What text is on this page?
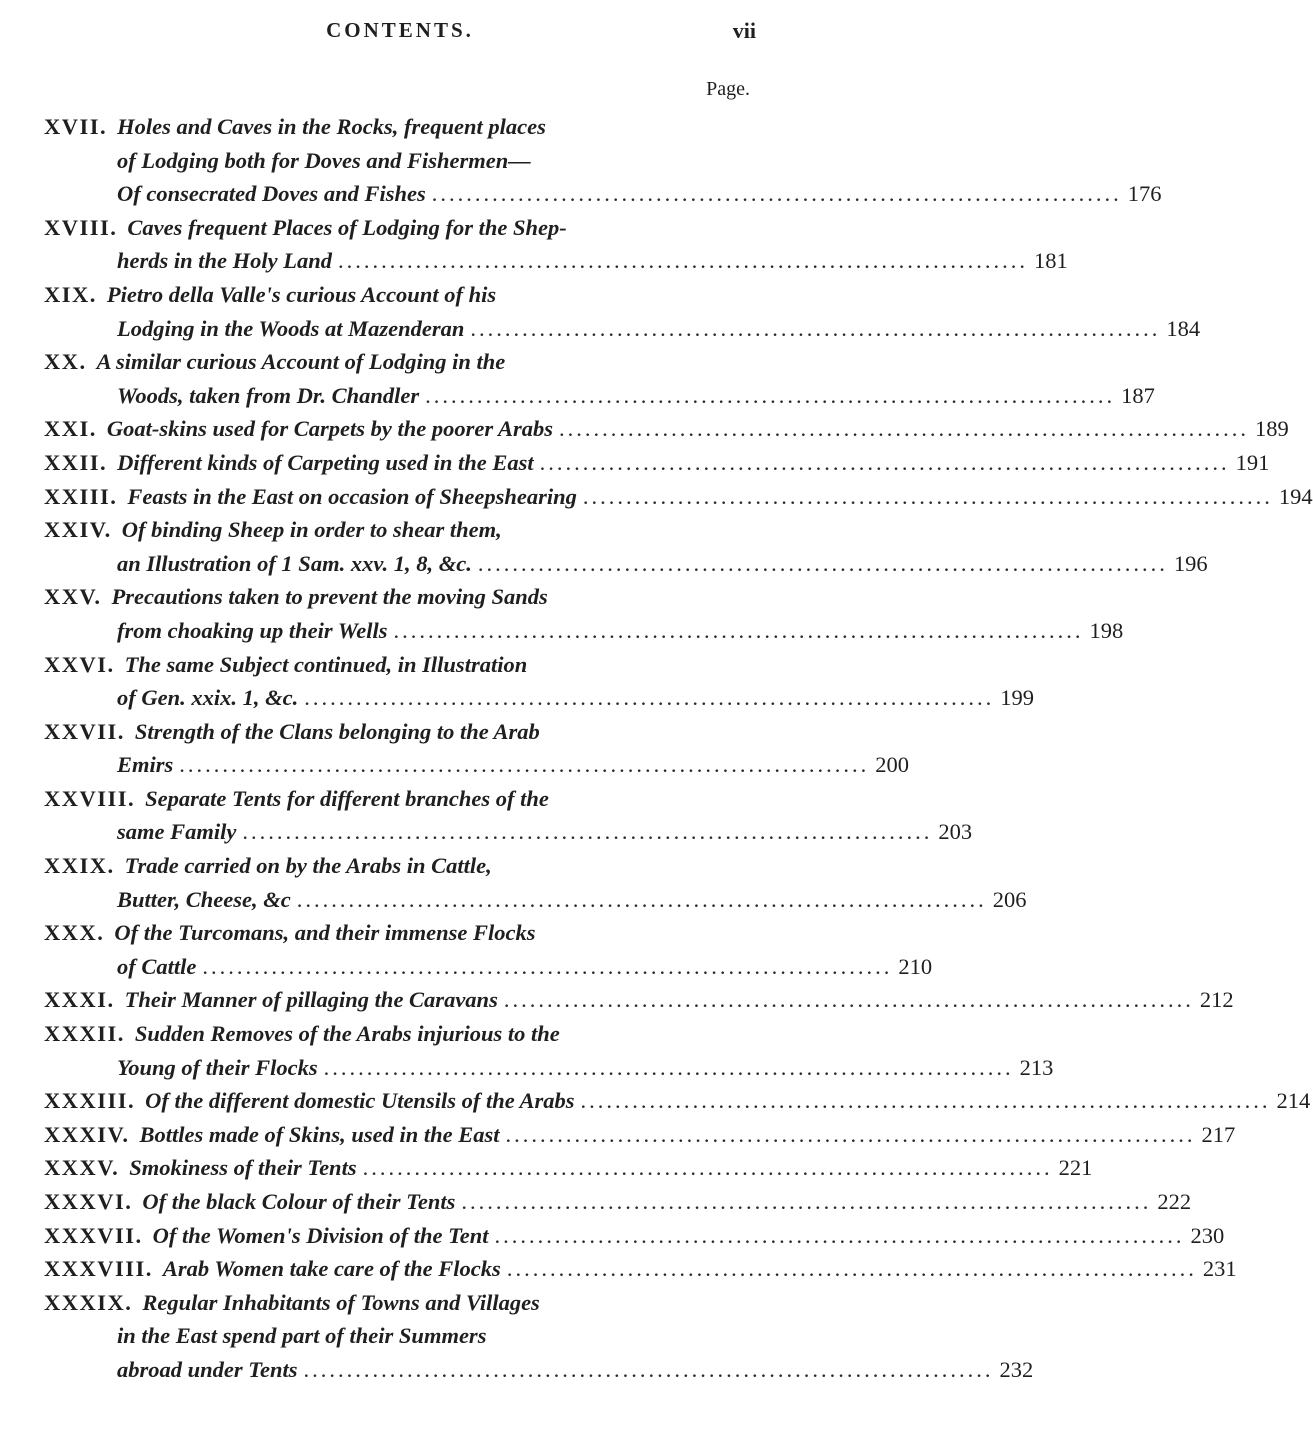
CONTENTS.	vii
Page.
XVII. Holes and Caves in the Rocks, frequent places
of Lodging both for Doves and Fishermen—
Of consecrated Doves and Fishes ................................................................................ 176
XVIII. Caves frequent Places of Lodging for the Shep-
herds in the Holy Land ................................................................................ 181
XIX. Pietro della Valle's curious Account of his
Lodging in the Woods at Mazenderan ................................................................................ 184
XX. A similar curious Account of Lodging in the
Woods, taken from Dr. Chandler ................................................................................ 187
XXI. Goat-skins used for Carpets by the poorer Arabs ................................................................................ 189
XXII. Different kinds of Carpeting used in the East ................................................................................ 191
XXIII. Feasts in the East on occasion of Sheepshearing ................................................................................ 194
XXIV. Of binding Sheep in order to shear them,
an Illustration of 1 Sam. xxv. 1, 8, &c. ................................................................................ 196
XXV. Precautions taken to prevent the moving Sands
from choaking up their Wells ................................................................................ 198
XXVI. The same Subject continued, in Illustration
of Gen. xxix. 1, &c. ................................................................................ 199
XXVII. Strength of the Clans belonging to the Arab
Emirs ................................................................................ 200
XXVIII. Separate Tents for different branches of the
same Family ................................................................................ 203
XXIX. Trade carried on by the Arabs in Cattle,
Butter, Cheese, &c ................................................................................ 206
XXX. Of the Turcomans, and their immense Flocks
of Cattle ................................................................................ 210
XXXI. Their Manner of pillaging the Caravans ................................................................................ 212
XXXII. Sudden Removes of the Arabs injurious to the
Young of their Flocks ................................................................................ 213
XXXIII. Of the different domestic Utensils of the Arabs ................................................................................ 214
XXXIV. Bottles made of Skins, used in the East ................................................................................ 217
XXXV. Smokiness of their Tents ................................................................................ 221
XXXVI. Of the black Colour of their Tents ................................................................................ 222
XXXVII. Of the Women's Division of the Tent ................................................................................ 230
XXXVIII. Arab Women take care of the Flocks ................................................................................ 231
XXXIX. Regular Inhabitants of Towns and Villages
in the East spend part of their Summers
abroad under Tents ................................................................................ 232
